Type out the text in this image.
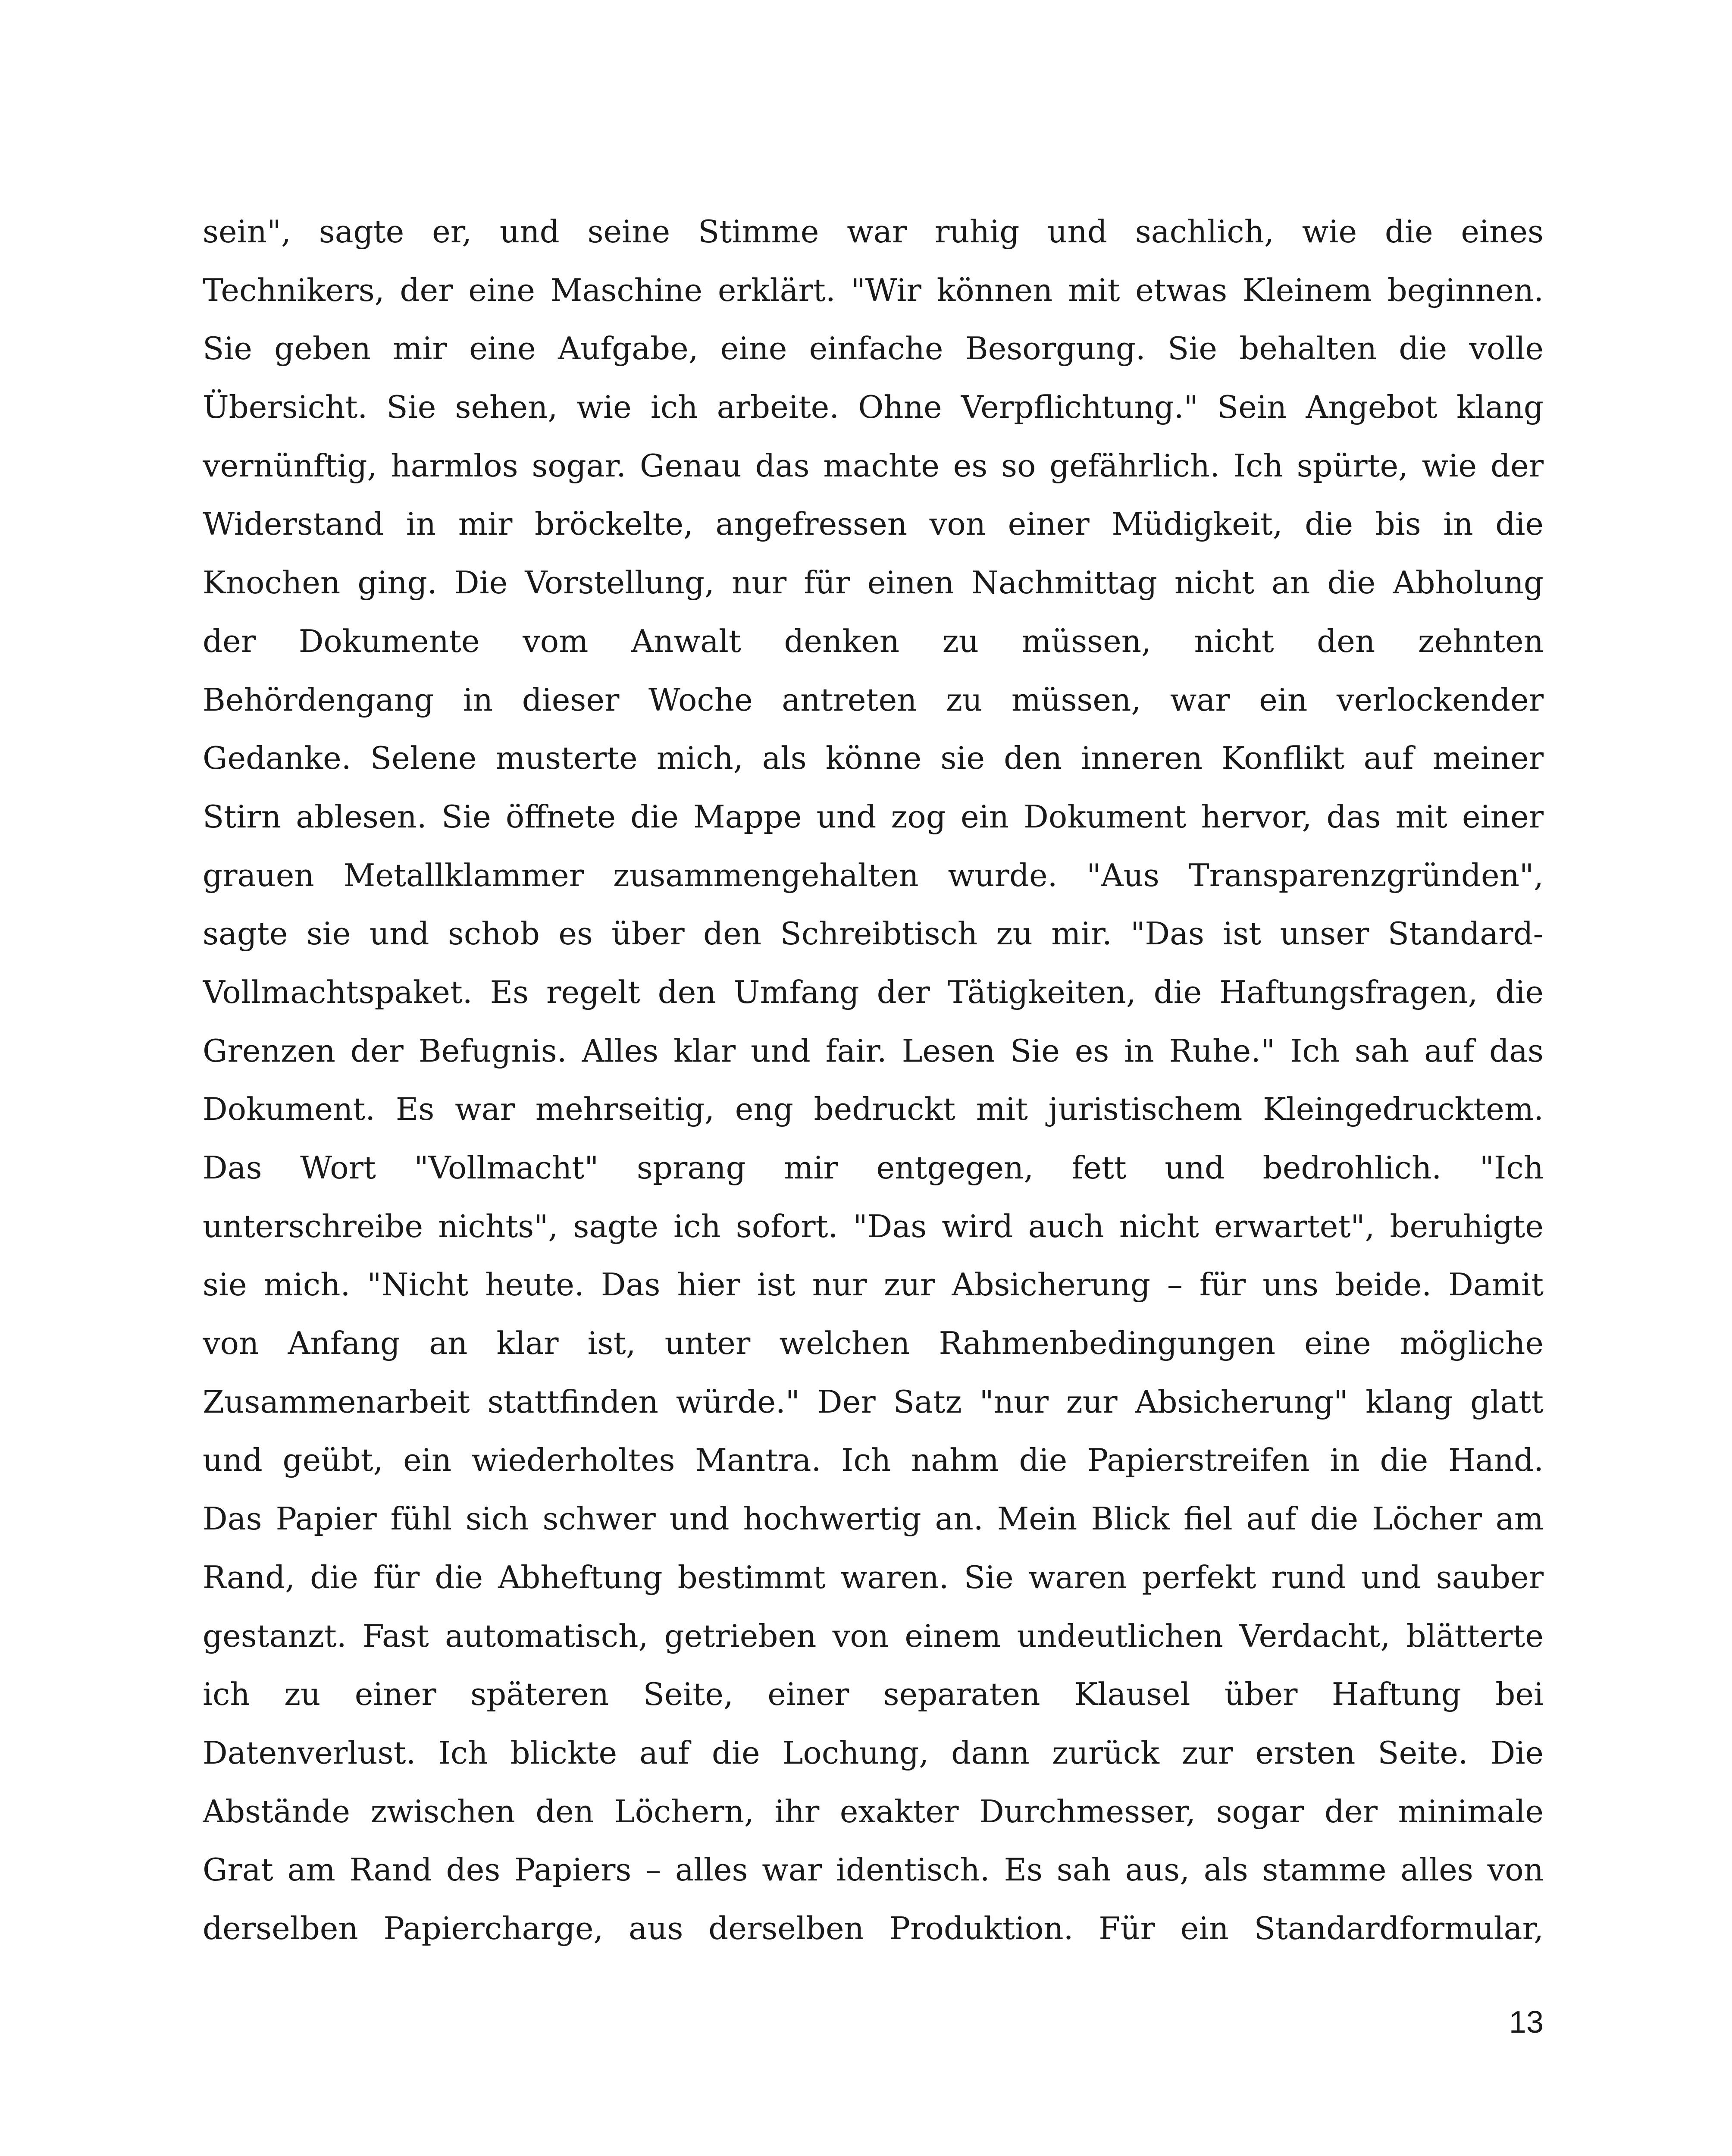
sein", sagte er, und seine Stimme war ruhig und sachlich, wie die eines
Technikers, der eine Maschine erklärt. "Wir können mit etwas Kleinem beginnen.
Sie geben mir eine Aufgabe, eine einfache Besorgung. Sie behalten die volle
Übersicht. Sie sehen, wie ich arbeite. Ohne Verpflichtung." Sein Angebot klang
vernünftig, harmlos sogar. Genau das machte es so gefährlich. Ich spürte, wie der
Widerstand in mir bröckelte, angefressen von einer Müdigkeit, die bis in die
Knochen ging. Die Vorstellung, nur für einen Nachmittag nicht an die Abholung
der Dokumente vom Anwalt denken zu müssen, nicht den zehnten
Behördengang in dieser Woche antreten zu müssen, war ein verlockender
Gedanke. Selene musterte mich, als könne sie den inneren Konflikt auf meiner
Stirn ablesen. Sie öffnete die Mappe und zog ein Dokument hervor, das mit einer
grauen Metallklammer zusammengehalten wurde. "Aus Transparenzgründen",
sagte sie und schob es über den Schreibtisch zu mir. "Das ist unser Standard-
Vollmachtspaket. Es regelt den Umfang der Tätigkeiten, die Haftungsfragen, die
Grenzen der Befugnis. Alles klar und fair. Lesen Sie es in Ruhe." Ich sah auf das
Dokument. Es war mehrseitig, eng bedruckt mit juristischem Kleingedrucktem.
Das Wort "Vollmacht" sprang mir entgegen, fett und bedrohlich. "Ich
unterschreibe nichts", sagte ich sofort. "Das wird auch nicht erwartet", beruhigte
sie mich. "Nicht heute. Das hier ist nur zur Absicherung – für uns beide. Damit
von Anfang an klar ist, unter welchen Rahmenbedingungen eine mögliche
Zusammenarbeit stattfinden würde." Der Satz "nur zur Absicherung" klang glatt
und geübt, ein wiederholtes Mantra. Ich nahm die Papierstreifen in die Hand.
Das Papier fühl sich schwer und hochwertig an. Mein Blick fiel auf die Löcher am
Rand, die für die Abheftung bestimmt waren. Sie waren perfekt rund und sauber
gestanzt. Fast automatisch, getrieben von einem undeutlichen Verdacht, blätterte
ich zu einer späteren Seite, einer separaten Klausel über Haftung bei
Datenverlust. Ich blickte auf die Lochung, dann zurück zur ersten Seite. Die
Abstände zwischen den Löchern, ihr exakter Durchmesser, sogar der minimale
Grat am Rand des Papiers – alles war identisch. Es sah aus, als stamme alles von
derselben Papiercharge, aus derselben Produktion. Für ein Standardformular,
13
